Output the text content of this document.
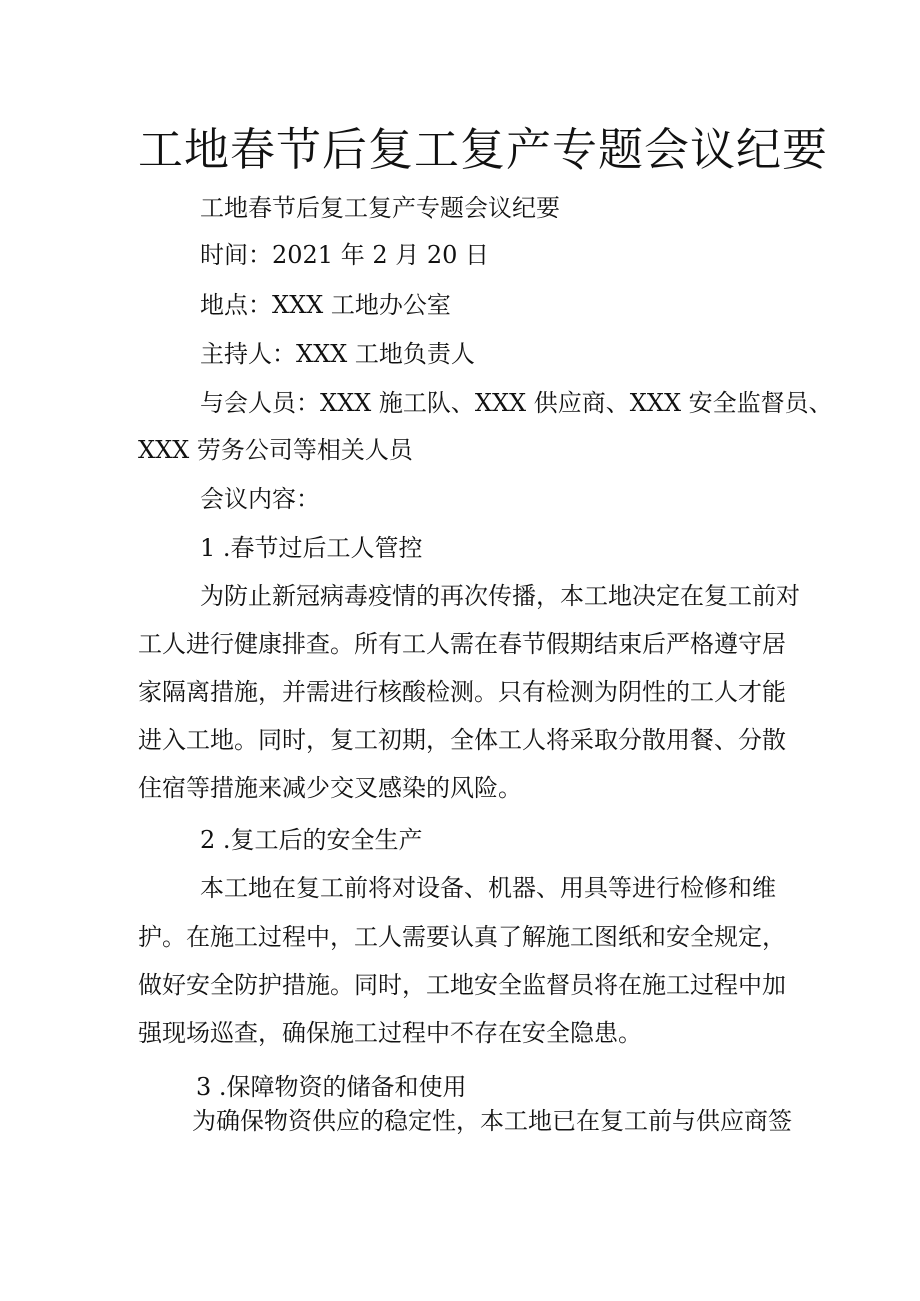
工地春节后复工复产专题会议纪要

工地春节后复工复产专题会议纪要

时间：2021 年 2 月 20 日

地点：XXX 工地办公室

主持人：XXX 工地负责人

与会人员：XXX 施工队、XXX 供应商、XXX 安全监督员、

XXX 劳务公司等相关人员

会议内容：

1 .春节过后工人管控

为防止新冠病毒疫情的再次传播，本工地决定在复工前对

工人进行健康排查。所有工人需在春节假期结束后严格遵守居

家隔离措施，并需进行核酸检测。只有检测为阴性的工人才能

进入工地。同时，复工初期，全体工人将采取分散用餐、分散

住宿等措施来减少交叉感染的风险。

2 .复工后的安全生产

本工地在复工前将对设备、机器、用具等进行检修和维

护。在施工过程中，工人需要认真了解施工图纸和安全规定，

做好安全防护措施。同时，工地安全监督员将在施工过程中加

强现场巡查，确保施工过程中不存在安全隐患。

3 .保障物资的储备和使用

为确保物资供应的稳定性，本工地已在复工前与供应商签
